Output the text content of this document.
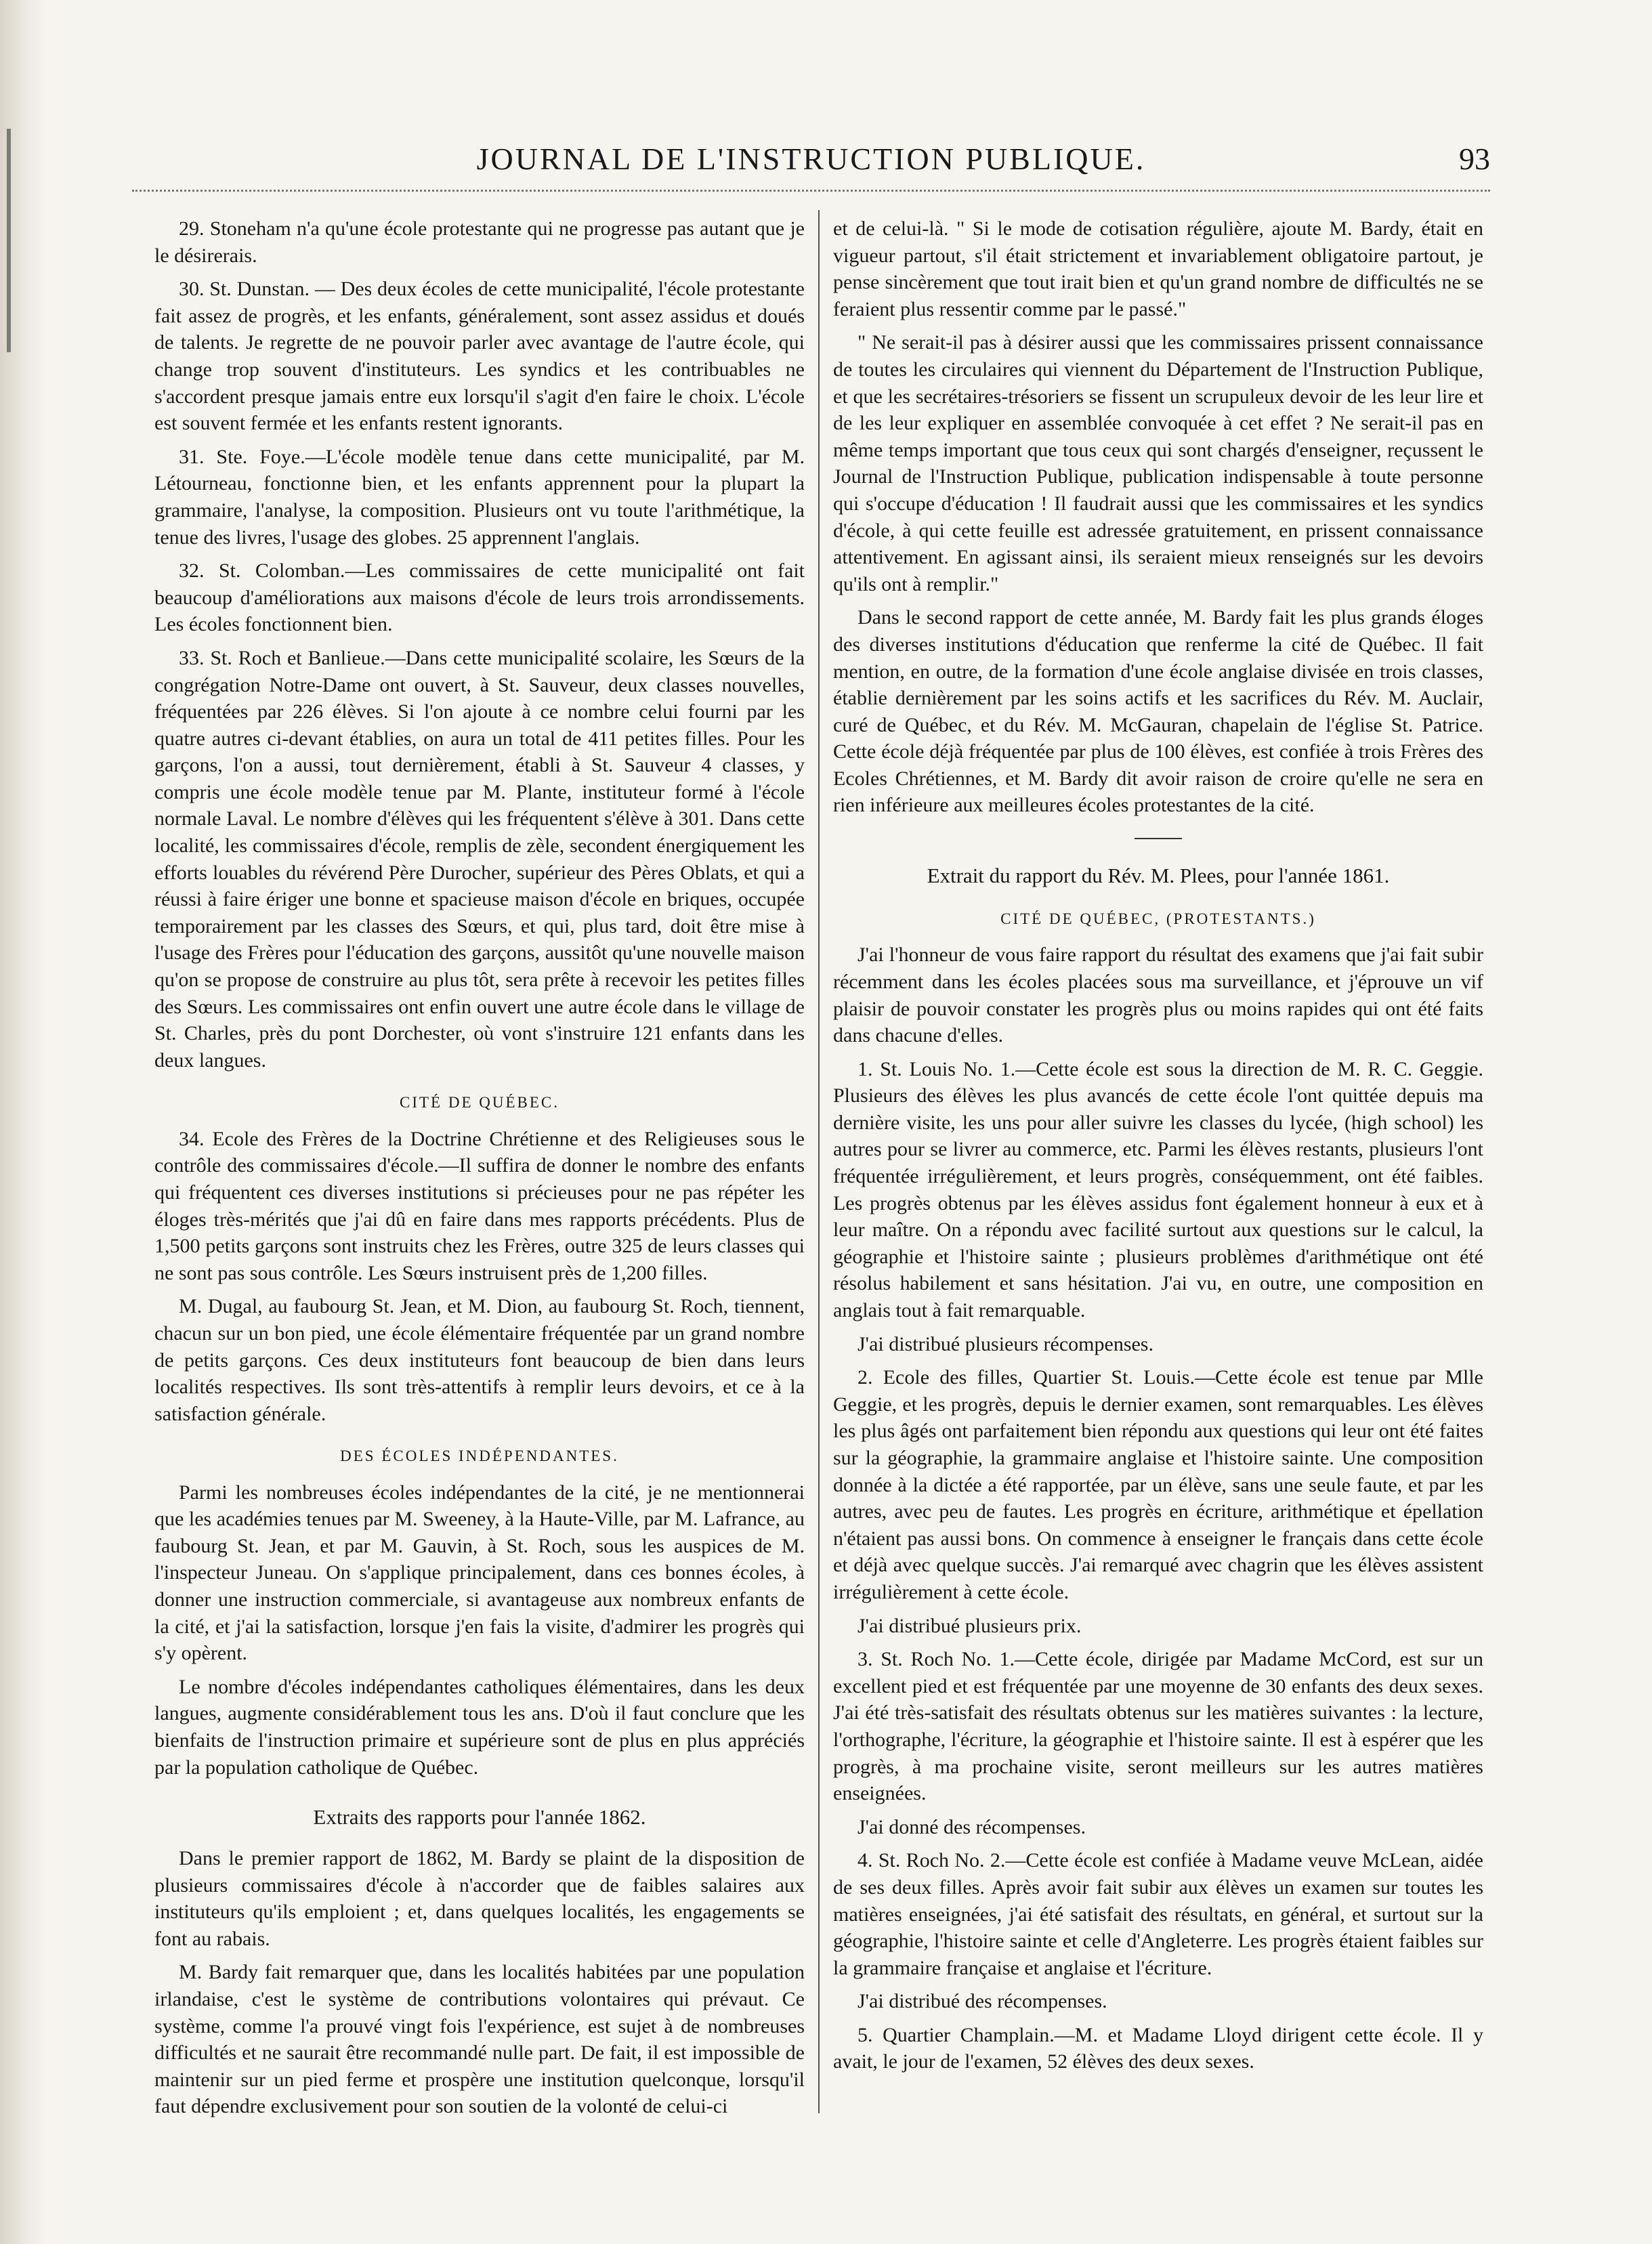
JOURNAL DE L'INSTRUCTION PUBLIQUE.	93

29. Stoneham n'a qu'une école protestante qui ne progresse pas autant que je le désirerais.

30. St. Dunstan. — Des deux écoles de cette municipalité, l'école protestante fait assez de progrès, et les enfants, généralement, sont assez assidus et doués de talents. Je regrette de ne pouvoir parler avec avantage de l'autre école, qui change trop souvent d'instituteurs. Les syndics et les contribuables ne s'accordent presque jamais entre eux lorsqu'il s'agit d'en faire le choix. L'école est souvent fermée et les enfants restent ignorants.

31. Ste. Foye.—L'école modèle tenue dans cette municipalité, par M. Létourneau, fonctionne bien, et les enfants apprennent pour la plupart la grammaire, l'analyse, la composition. Plusieurs ont vu toute l'arithmétique, la tenue des livres, l'usage des globes. 25 apprennent l'anglais.

32. St. Colomban.—Les commissaires de cette municipalité ont fait beaucoup d'améliorations aux maisons d'école de leurs trois arrondissements. Les écoles fonctionnent bien.

33. St. Roch et Banlieue.—Dans cette municipalité scolaire, les Sœurs de la congrégation Notre-Dame ont ouvert, à St. Sauveur, deux classes nouvelles, fréquentées par 226 élèves. Si l'on ajoute à ce nombre celui fourni par les quatre autres ci-devant établies, on aura un total de 411 petites filles. Pour les garçons, l'on a aussi, tout dernièrement, établi à St. Sauveur 4 classes, y compris une école modèle tenue par M. Plante, instituteur formé à l'école normale Laval. Le nombre d'élèves qui les fréquentent s'élève à 301. Dans cette localité, les commissaires d'école, remplis de zèle, secondent énergiquement les efforts louables du révérend Père Durocher, supérieur des Pères Oblats, et qui a réussi à faire ériger une bonne et spacieuse maison d'école en briques, occupée temporairement par les classes des Sœurs, et qui, plus tard, doit être mise à l'usage des Frères pour l'éducation des garçons, aussitôt qu'une nouvelle maison qu'on se propose de construire au plus tôt, sera prête à recevoir les petites filles des Sœurs. Les commissaires ont enfin ouvert une autre école dans le village de St. Charles, près du pont Dorchester, où vont s'instruire 121 enfants dans les deux langues.

CITÉ DE QUÉBEC.

34. Ecole des Frères de la Doctrine Chrétienne et des Religieuses sous le contrôle des commissaires d'école.—Il suffira de donner le nombre des enfants qui fréquentent ces diverses institutions si précieuses pour ne pas répéter les éloges très-mérités que j'ai dû en faire dans mes rapports précédents. Plus de 1,500 petits garçons sont instruits chez les Frères, outre 325 de leurs classes qui ne sont pas sous contrôle. Les Sœurs instruisent près de 1,200 filles.

M. Dugal, au faubourg St. Jean, et M. Dion, au faubourg St. Roch, tiennent, chacun sur un bon pied, une école élémentaire fréquentée par un grand nombre de petits garçons. Ces deux instituteurs font beaucoup de bien dans leurs localités respectives. Ils sont très-attentifs à remplir leurs devoirs, et ce à la satisfaction générale.

DES ÉCOLES INDÉPENDANTES.

Parmi les nombreuses écoles indépendantes de la cité, je ne mentionnerai que les académies tenues par M. Sweeney, à la Haute-Ville, par M. Lafrance, au faubourg St. Jean, et par M. Gauvin, à St. Roch, sous les auspices de M. l'inspecteur Juneau. On s'applique principalement, dans ces bonnes écoles, à donner une instruction commerciale, si avantageuse aux nombreux enfants de la cité, et j'ai la satisfaction, lorsque j'en fais la visite, d'admirer les progrès qui s'y opèrent.

Le nombre d'écoles indépendantes catholiques élémentaires, dans les deux langues, augmente considérablement tous les ans. D'où il faut conclure que les bienfaits de l'instruction primaire et supérieure sont de plus en plus appréciés par la population catholique de Québec.

Extraits des rapports pour l'année 1862.

Dans le premier rapport de 1862, M. Bardy se plaint de la disposition de plusieurs commissaires d'école à n'accorder que de faibles salaires aux instituteurs qu'ils emploient ; et, dans quelques localités, les engagements se font au rabais.

M. Bardy fait remarquer que, dans les localités habitées par une population irlandaise, c'est le système de contributions volontaires qui prévaut. Ce système, comme l'a prouvé vingt fois l'expérience, est sujet à de nombreuses difficultés et ne saurait être recommandé nulle part. De fait, il est impossible de maintenir sur un pied ferme et prospère une institution quelconque, lorsqu'il faut dépendre exclusivement pour son soutien de la volonté de celui-ci

et de celui-là. " Si le mode de cotisation régulière, ajoute M. Bardy, était en vigueur partout, s'il était strictement et invariablement obligatoire partout, je pense sincèrement que tout irait bien et qu'un grand nombre de difficultés ne se feraient plus ressentir comme par le passé."

" Ne serait-il pas à désirer aussi que les commissaires prissent connaissance de toutes les circulaires qui viennent du Département de l'Instruction Publique, et que les secrétaires-trésoriers se fissent un scrupuleux devoir de les leur lire et de les leur expliquer en assemblée convoquée à cet effet ? Ne serait-il pas en même temps important que tous ceux qui sont chargés d'enseigner, reçussent le Journal de l'Instruction Publique, publication indispensable à toute personne qui s'occupe d'éducation ! Il faudrait aussi que les commissaires et les syndics d'école, à qui cette feuille est adressée gratuitement, en prissent connaissance attentivement. En agissant ainsi, ils seraient mieux renseignés sur les devoirs qu'ils ont à remplir."

Dans le second rapport de cette année, M. Bardy fait les plus grands éloges des diverses institutions d'éducation que renferme la cité de Québec. Il fait mention, en outre, de la formation d'une école anglaise divisée en trois classes, établie dernièrement par les soins actifs et les sacrifices du Rév. M. Auclair, curé de Québec, et du Rév. M. McGauran, chapelain de l'église St. Patrice. Cette école déjà fréquentée par plus de 100 élèves, est confiée à trois Frères des Ecoles Chrétiennes, et M. Bardy dit avoir raison de croire qu'elle ne sera en rien inférieure aux meilleures écoles protestantes de la cité.

Extrait du rapport du Rév. M. Plees, pour l'année 1861.
CITÉ DE QUÉBEC, (PROTESTANTS.)

J'ai l'honneur de vous faire rapport du résultat des examens que j'ai fait subir récemment dans les écoles placées sous ma surveillance, et j'éprouve un vif plaisir de pouvoir constater les progrès plus ou moins rapides qui ont été faits dans chacune d'elles.

1. St. Louis No. 1.—Cette école est sous la direction de M. R. C. Geggie. Plusieurs des élèves les plus avancés de cette école l'ont quittée depuis ma dernière visite, les uns pour aller suivre les classes du lycée, (high school) les autres pour se livrer au commerce, etc. Parmi les élèves restants, plusieurs l'ont fréquentée irrégulièrement, et leurs progrès, conséquemment, ont été faibles. Les progrès obtenus par les élèves assidus font également honneur à eux et à leur maître. On a répondu avec facilité surtout aux questions sur le calcul, la géographie et l'histoire sainte ; plusieurs problèmes d'arithmétique ont été résolus habilement et sans hésitation. J'ai vu, en outre, une composition en anglais tout à fait remarquable.

J'ai distribué plusieurs récompenses.

2. Ecole des filles, Quartier St. Louis.—Cette école est tenue par Mlle Geggie, et les progrès, depuis le dernier examen, sont remarquables. Les élèves les plus âgés ont parfaitement bien répondu aux questions qui leur ont été faites sur la géographie, la grammaire anglaise et l'histoire sainte. Une composition donnée à la dictée a été rapportée, par un élève, sans une seule faute, et par les autres, avec peu de fautes. Les progrès en écriture, arithmétique et épellation n'étaient pas aussi bons. On commence à enseigner le français dans cette école et déjà avec quelque succès. J'ai remarqué avec chagrin que les élèves assistent irrégulièrement à cette école.

J'ai distribué plusieurs prix.

3. St. Roch No. 1.—Cette école, dirigée par Madame McCord, est sur un excellent pied et est fréquentée par une moyenne de 30 enfants des deux sexes. J'ai été très-satisfait des résultats obtenus sur les matières suivantes : la lecture, l'orthographe, l'écriture, la géographie et l'histoire sainte. Il est à espérer que les progrès, à ma prochaine visite, seront meilleurs sur les autres matières enseignées.

J'ai donné des récompenses.

4. St. Roch No. 2.—Cette école est confiée à Madame veuve McLean, aidée de ses deux filles. Après avoir fait subir aux élèves un examen sur toutes les matières enseignées, j'ai été satisfait des résultats, en général, et surtout sur la géographie, l'histoire sainte et celle d'Angleterre. Les progrès étaient faibles sur la grammaire française et anglaise et l'écriture.

J'ai distribué des récompenses.

5. Quartier Champlain.—M. et Madame Lloyd dirigent cette école. Il y avait, le jour de l'examen, 52 élèves des deux sexes.
